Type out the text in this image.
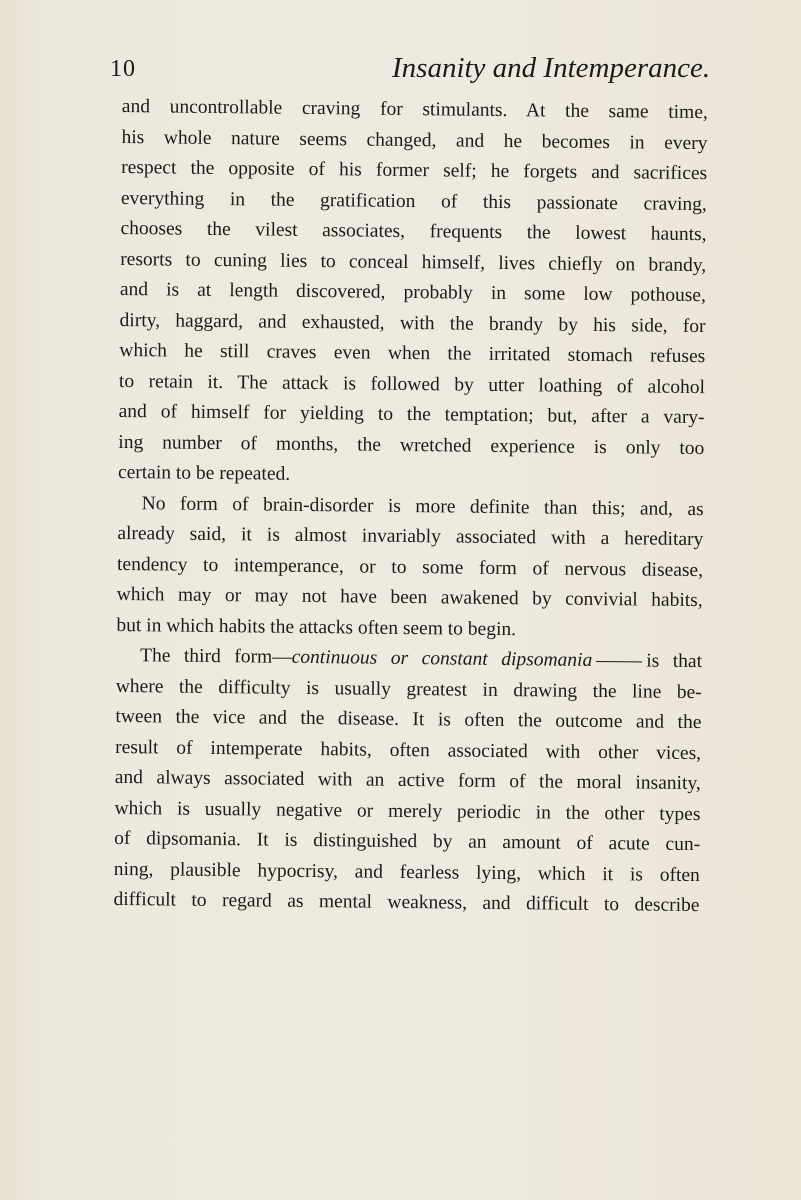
10	Insanity and Intemperance.
and uncontrollable craving for stimulants. At the same time,
his whole nature seems changed, and he becomes in every
respect the opposite of his former self; he forgets and sacrifices
everything in the gratification of this passionate craving,
chooses the vilest associates, frequents the lowest haunts,
resorts to cuning lies to conceal himself, lives chiefly on brandy,
and is at length discovered, probably in some low pothouse,
dirty, haggard, and exhausted, with the brandy by his side, for
which he still craves even when the irritated stomach refuses
to retain it. The attack is followed by utter loathing of alcohol
and of himself for yielding to the temptation; but, after a vary-
ing number of months, the wretched experience is only too
certain to be repeated.
No form of brain-disorder is more definite than this; and, as
already said, it is almost invariably associated with a hereditary
tendency to intemperance, or to some form of nervous disease,
which may or may not have been awakened by convivial habits,
but in which habits the attacks often seem to begin.
The third form—continuous or constant dipsomania	is that
where the difficulty is usually greatest in drawing the line be-
tween the vice and the disease. It is often the outcome and the
result of intemperate habits, often associated with other vices,
and always associated with an active form of the moral insanity,
which is usually negative or merely periodic in the other types
of dipsomania. It is distinguished by an amount of acute cun-
ning, plausible hypocrisy, and fearless lying, which it is often
difficult to regard as mental weakness, and difficult to describe
